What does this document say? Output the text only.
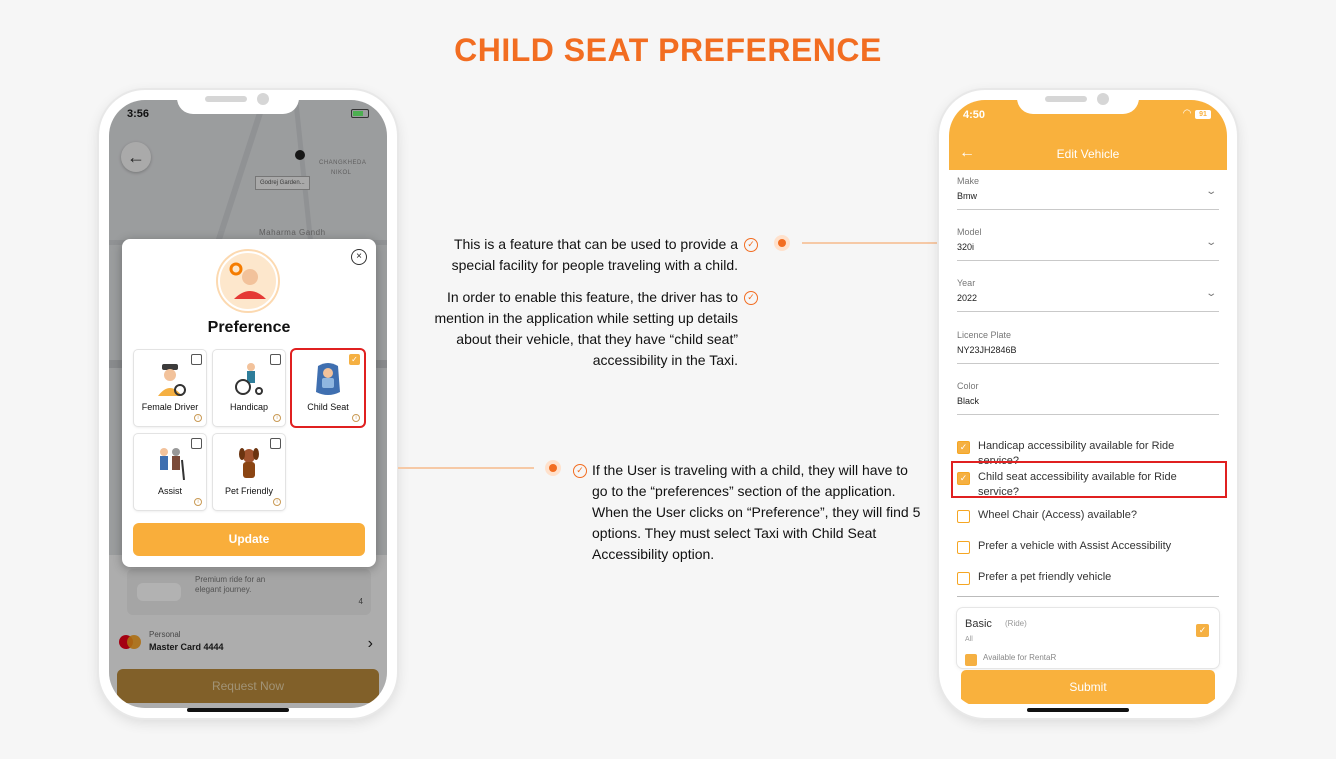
CHILD SEAT PREFERENCE
Godrej Garden...
CHANGKHEDA
NIKOL
Maharma Gandh
3:56
←
Premium ride for an elegant journey.
4
Personal
Master Card 4444	›
Request Now
×
Preference
Female Driver
i
Handicap
i
✓
Child Seat
i
Assist
i
Pet Friendly
i
Update
This is a feature that can be used to provide a special facility for people traveling with a child.
✓
In order to enable this feature, the driver has to mention in the application while setting up details about their vehicle, that they have “child seat” accessibility in the Taxi.
✓
✓ If the User is traveling with a child, they will have to go to the “preferences” section of the application. When the User clicks on “Preference”, they will find 5 options. They must select Taxi with Child Seat Accessibility option.
4:50	◠	91
←	Edit Vehicle
Make
Bmw	⌄
Model
320i	⌄
Year
2022	⌄
Licence Plate
NY23JH2846B
Color
Black
✓ Handicap accessibility available for Ride service?
✓ Child seat accessibility available for Ride service?
Wheel Chair (Access) available?
Prefer a vehicle with Assist Accessibility
Prefer a pet friendly vehicle
Basic (Ride)
All
✓
Available for RentaR
Submit
